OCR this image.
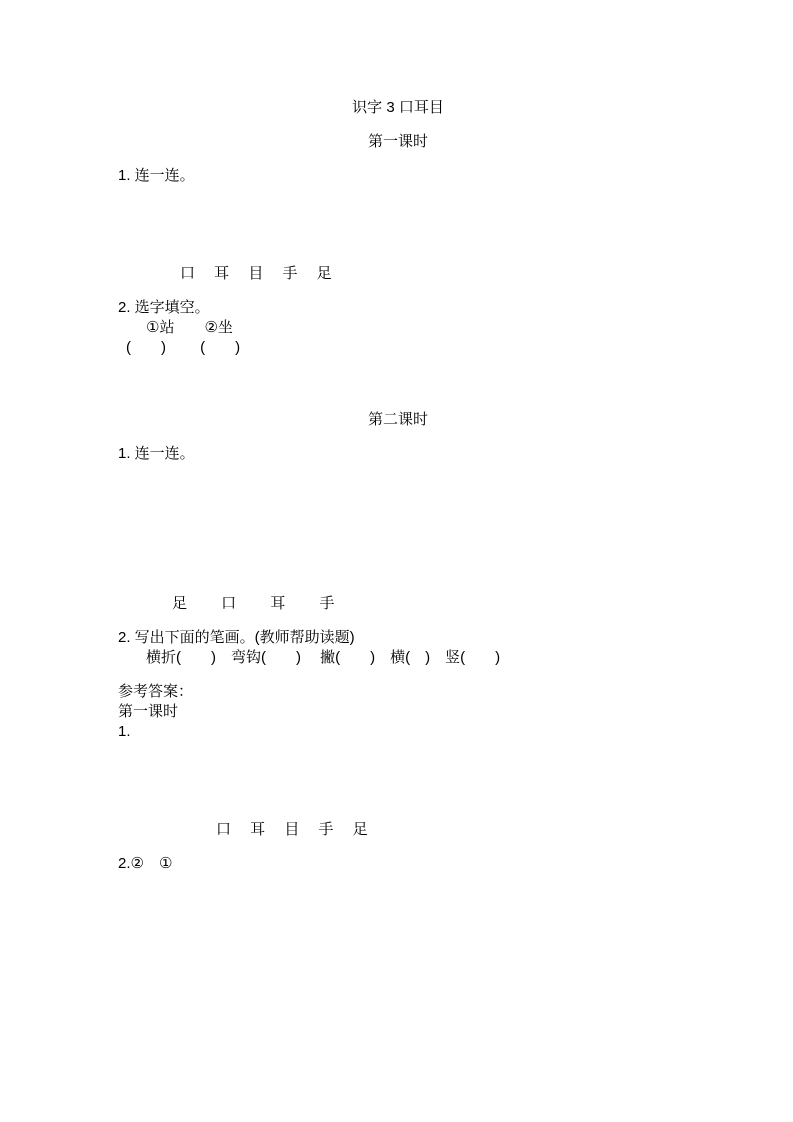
识字 3 口耳目
第一课时
1. 连一连。
口　 耳　 目　 手　 足
2. 选字填空。
①站　　②坐
(　　)　　 (　　)
第二课时
1. 连一连。
足　　 口　　 耳　　 手
2. 写出下面的笔画。(教师帮助读题)
横折(　　)　弯钩(　　)　 撇(　　)　横(　)　竖(　　)
参考答案：
第一课时
1.
口　 耳　 目　 手　 足
2.②　①
